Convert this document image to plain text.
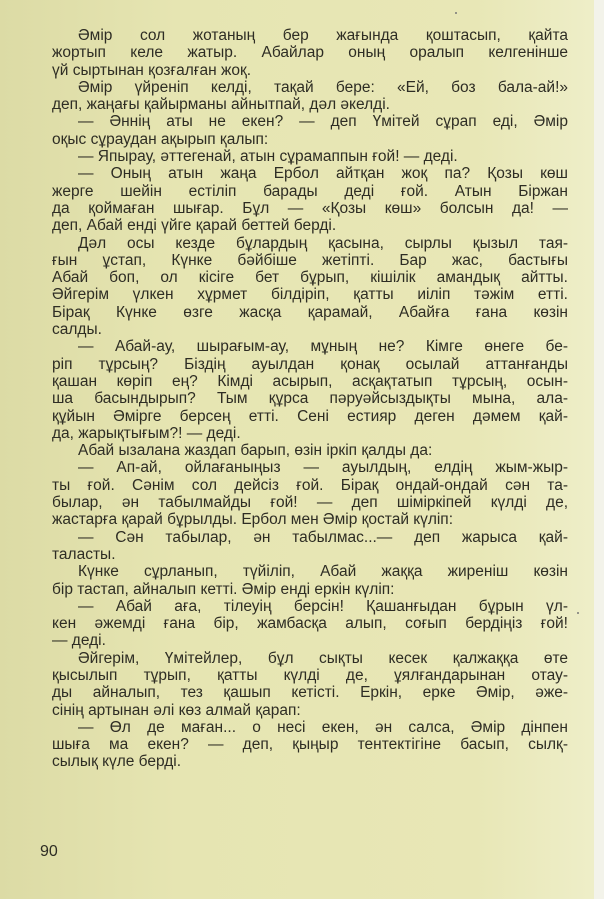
Әмір сол жотаның бер жағында қоштасып, қайта
жортып келе жатыр. Абайлар оның оралып келгенінше
үй сыртынан қозғалған жоқ.
Әмір үйреніп келді, тақай бере: «Ей, боз бала-ай!»
деп, жаңағы қайырманы айнытпай, дәл әкелді.
— Әннің аты не екен? — деп Үмітей сұрап еді, Әмір
оқыс сұраудан ақырып қалып:
— Япырау, әттегенай, атын сұрамаппын ғой! — деді.
— Оның атын жаңа Ербол айтқан жоқ па? Қозы көш
жерге шейін естіліп барады деді ғой. Атын Біржан
да қоймаған шығар. Бұл — «Қозы көш» болсын да! —
деп, Абай енді үйге қарай беттей берді.
Дәл осы кезде бұлардың қасына, сырлы қызыл тая-
ғын ұстап, Күнке бәйбіше жетіпті. Бар жас, бастығы
Абай боп, ол кісіге бет бұрып, кішілік амандық айтты.
Әйгерім үлкен хұрмет білдіріп, қатты иіліп тәжім етті.
Бірақ Күнке өзге жасқа қарамай, Абайға ғана көзін
салды.
— Абай-ау, шырағым-ау, мұның не? Кімге өнеге бе-
ріп тұрсың? Біздің ауылдан қонақ осылай аттанғанды
қашан көріп ең? Кімді асырып, асқақтатып тұрсың, осын-
ша басындырып? Тым құрса пәруәйсыздықты мына, ала-
құйын Әмірге берсең етті. Сені естияр деген дәмем қай-
да, жарықтығым?! — деді.
Абай ызалана жаздап барып, өзін іркіп қалды да:
— Ап-ай, ойлағаныңыз — ауылдың, елдің жым-жыр-
ты ғой. Сәнім сол дейсіз ғой. Бірақ ондай-ондай сән та-
былар, ән табылмайды ғой! — деп шіміркіпей күлді де,
жастарға қарай бұрылды. Ербол мен Әмір қостай күліп:
— Сән табылар, ән табылмас...— деп жарыса қай-
таласты.
Күнке сұрланып, түйіліп, Абай жаққа жиреніш көзін
бір тастап, айналып кетті. Әмір енді еркін күліп:
— Абай аға, тілеуің берсін! Қашанғыдан бұрын үл-
кен әжемді ғана бір, жамбасқа алып, соғып бердіңіз ғой!
— деді.
Әйгерім, Үмітейлер, бұл сықты кесек қалжаққа өте
қысылып тұрып, қатты күлді де, ұялғандарынан отау-
ды айналып, тез қашып кетісті. Еркін, ерке Әмір, әже-
сінің артынан әлі көз алмай қарап:
— Өл де маған... о несі екен, ән салса, Әмір дінпен
шыға ма екен? — деп, қыңыр тентектігіне басып, сылқ-
сылық күле берді.
90
